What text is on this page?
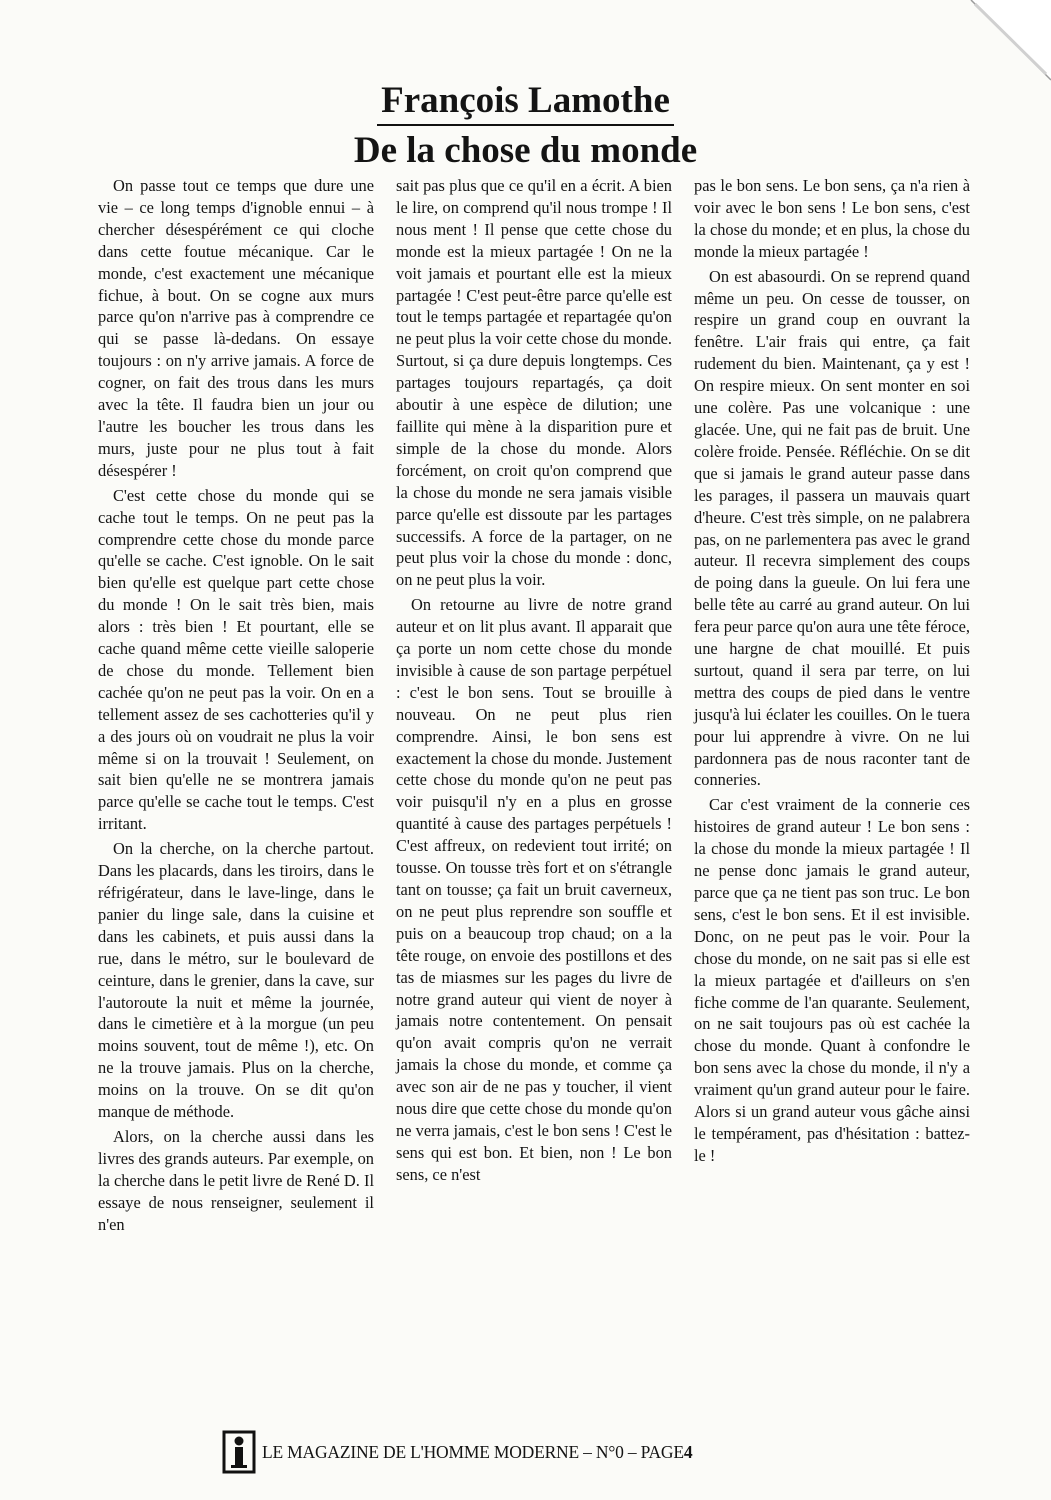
François Lamothe
De la chose du monde

On passe tout ce temps que dure une vie – ce long temps d'ignoble ennui – à chercher désespérément ce qui cloche dans cette foutue mécanique. Car le monde, c'est exactement une mécanique fichue, à bout. On se cogne aux murs parce qu'on n'arrive pas à comprendre ce qui se passe là-dedans. On essaye toujours : on n'y arrive jamais. A force de cogner, on fait des trous dans les murs avec la tête. Il faudra bien un jour ou l'autre les boucher les trous dans les murs, juste pour ne plus tout à fait désespérer !

C'est cette chose du monde qui se cache tout le temps. On ne peut pas la comprendre cette chose du monde parce qu'elle se cache. C'est ignoble. On le sait bien qu'elle est quelque part cette chose du monde ! On le sait très bien, mais alors : très bien ! Et pourtant, elle se cache quand même cette vieille saloperie de chose du monde. Tellement bien cachée qu'on ne peut pas la voir. On en a tellement assez de ses cachotteries qu'il y a des jours où on voudrait ne plus la voir même si on la trouvait ! Seulement, on sait bien qu'elle ne se montrera jamais parce qu'elle se cache tout le temps. C'est irritant.

On la cherche, on la cherche partout. Dans les placards, dans les tiroirs, dans le réfrigérateur, dans le lave-linge, dans le panier du linge sale, dans la cuisine et dans les cabinets, et puis aussi dans la rue, dans le métro, sur le boulevard de ceinture, dans le grenier, dans la cave, sur l'autoroute la nuit et même la journée, dans le cimetière et à la morgue (un peu moins souvent, tout de même !), etc. On ne la trouve jamais. Plus on la cherche, moins on la trouve. On se dit qu'on manque de méthode.

Alors, on la cherche aussi dans les livres des grands auteurs. Par exemple, on la cherche dans le petit livre de René D. Il essaye de nous renseigner, seulement il n'en

sait pas plus que ce qu'il en a écrit. A bien le lire, on comprend qu'il nous trompe ! Il nous ment ! Il pense que cette chose du monde est la mieux partagée ! On ne la voit jamais et pourtant elle est la mieux partagée ! C'est peut-être parce qu'elle est tout le temps partagée et repartagée qu'on ne peut plus la voir cette chose du monde. Surtout, si ça dure depuis longtemps. Ces partages toujours repartagés, ça doit aboutir à une espèce de dilution; une faillite qui mène à la disparition pure et simple de la chose du monde. Alors forcément, on croit qu'on comprend que la chose du monde ne sera jamais visible parce qu'elle est dissoute par les partages successifs. A force de la partager, on ne peut plus voir la chose du monde : donc, on ne peut plus la voir.

On retourne au livre de notre grand auteur et on lit plus avant. Il apparait que ça porte un nom cette chose du monde invisible à cause de son partage perpétuel : c'est le bon sens. Tout se brouille à nouveau. On ne peut plus rien comprendre. Ainsi, le bon sens est exactement la chose du monde. Justement cette chose du monde qu'on ne peut pas voir puisqu'il n'y en a plus en grosse quantité à cause des partages perpétuels ! C'est affreux, on redevient tout irrité; on tousse. On tousse très fort et on s'étrangle tant on tousse; ça fait un bruit caverneux, on ne peut plus reprendre son souffle et puis on a beaucoup trop chaud; on a la tête rouge, on envoie des postillons et des tas de miasmes sur les pages du livre de notre grand auteur qui vient de noyer à jamais notre contentement. On pensait qu'on avait compris qu'on ne verrait jamais la chose du monde, et comme ça avec son air de ne pas y toucher, il vient nous dire que cette chose du monde qu'on ne verra jamais, c'est le bon sens ! C'est le sens qui est bon. Et bien, non ! Le bon sens, ce n'est

pas le bon sens. Le bon sens, ça n'a rien à voir avec le bon sens ! Le bon sens, c'est la chose du monde; et en plus, la chose du monde la mieux partagée !

On est abasourdi. On se reprend quand même un peu. On cesse de tousser, on respire un grand coup en ouvrant la fenêtre. L'air frais qui entre, ça fait rudement du bien. Maintenant, ça y est ! On respire mieux. On sent monter en soi une colère. Pas une volcanique : une glacée. Une, qui ne fait pas de bruit. Une colère froide. Pensée. Réfléchie. On se dit que si jamais le grand auteur passe dans les parages, il passera un mauvais quart d'heure. C'est très simple, on ne palabrera pas, on ne parlementera pas avec le grand auteur. Il recevra simplement des coups de poing dans la gueule. On lui fera une belle tête au carré au grand auteur. On lui fera peur parce qu'on aura une tête féroce, une hargne de chat mouillé. Et puis surtout, quand il sera par terre, on lui mettra des coups de pied dans le ventre jusqu'à lui éclater les couilles. On le tuera pour lui apprendre à vivre. On ne lui pardonnera pas de nous raconter tant de conneries.

Car c'est vraiment de la connerie ces histoires de grand auteur ! Le bon sens : la chose du monde la mieux partagée ! Il ne pense donc jamais le grand auteur, parce que ça ne tient pas son truc. Le bon sens, c'est le bon sens. Et il est invisible. Donc, on ne peut pas le voir. Pour la chose du monde, on ne sait pas si elle est la mieux partagée et d'ailleurs on s'en fiche comme de l'an quarante. Seulement, on ne sait toujours pas où est cachée la chose du monde. Quant à confondre le bon sens avec la chose du monde, il n'y a vraiment qu'un grand auteur pour le faire. Alors si un grand auteur vous gâche ainsi le tempérament, pas d'hésitation : battez-le !

LE MAGAZINE DE L'HOMME MODERNE – N°0 – PAGE4
